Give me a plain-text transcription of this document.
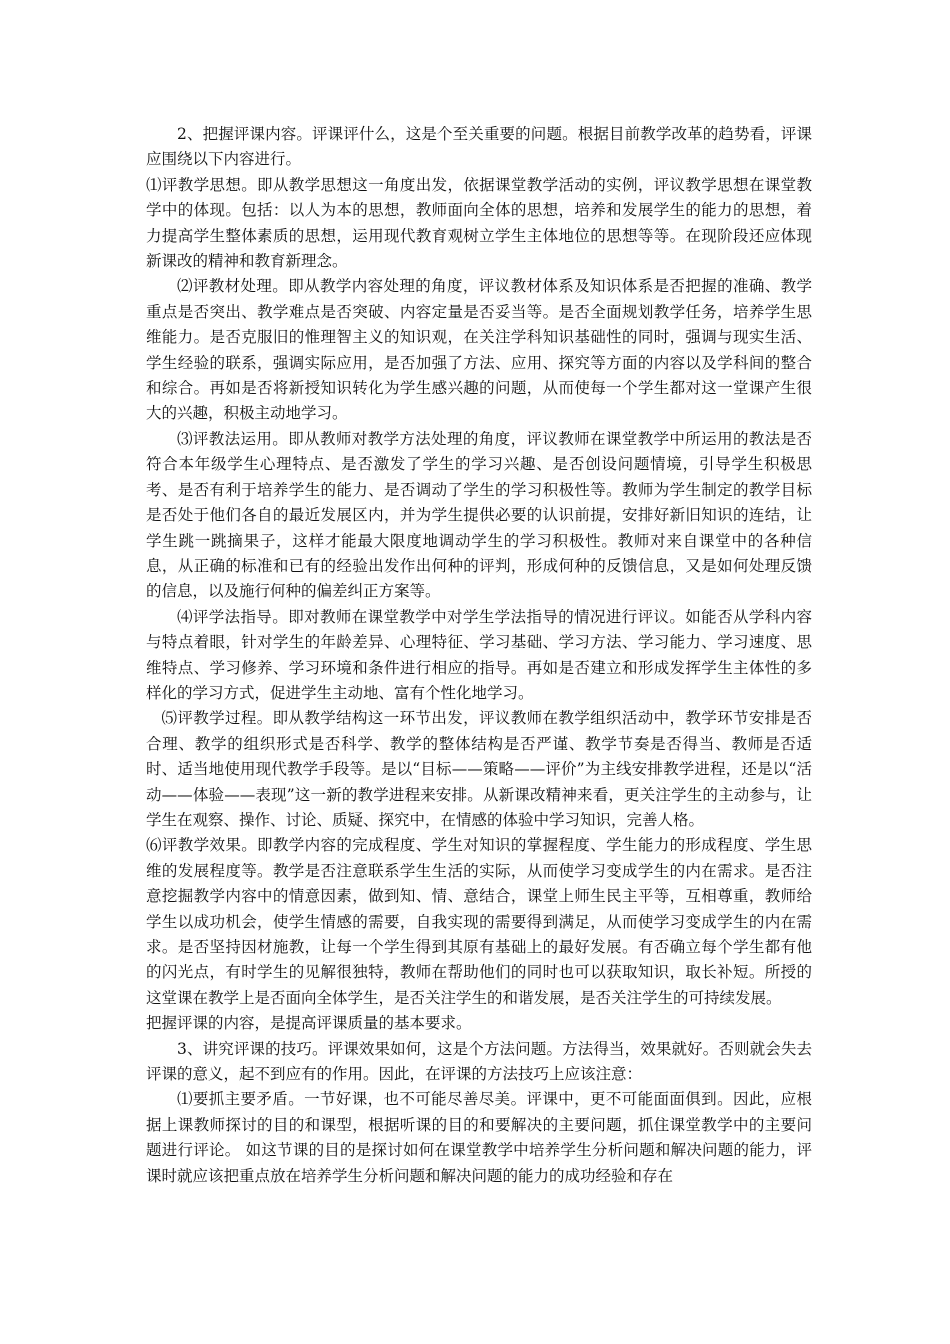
2、把握评课内容。评课评什么，这是个至关重要的问题。根据目前教学改革的趋势看，评课应围绕以下内容进行。

⑴评教学思想。即从教学思想这一角度出发，依据课堂教学活动的实例，评议教学思想在课堂教学中的体现。包括：以人为本的思想，教师面向全体的思想，培养和发展学生的能力的思想，着力提高学生整体素质的思想，运用现代教育观树立学生主体地位的思想等等。在现阶段还应体现新课改的精神和教育新理念。

⑵评教材处理。即从教学内容处理的角度，评议教材体系及知识体系是否把握的准确、教学重点是否突出、教学难点是否突破、内容定量是否妥当等。是否全面规划教学任务，培养学生思维能力。是否克服旧的惟理智主义的知识观，在关注学科知识基础性的同时，强调与现实生活、学生经验的联系，强调实际应用，是否加强了方法、应用、探究等方面的内容以及学科间的整合和综合。再如是否将新授知识转化为学生感兴趣的问题，从而使每一个学生都对这一堂课产生很大的兴趣，积极主动地学习。

⑶评教法运用。即从教师对教学方法处理的角度，评议教师在课堂教学中所运用的教法是否符合本年级学生心理特点、是否激发了学生的学习兴趣、是否创设问题情境，引导学生积极思考、是否有利于培养学生的能力、是否调动了学生的学习积极性等。教师为学生制定的教学目标是否处于他们各自的最近发展区内，并为学生提供必要的认识前提，安排好新旧知识的连结，让学生跳一跳摘果子，这样才能最大限度地调动学生的学习积极性。教师对来自课堂中的各种信息，从正确的标准和已有的经验出发作出何种的评判，形成何种的反馈信息，又是如何处理反馈的信息，以及施行何种的偏差纠正方案等。

⑷评学法指导。即对教师在课堂教学中对学生学法指导的情况进行评议。如能否从学科内容与特点着眼，针对学生的年龄差异、心理特征、学习基础、学习方法、学习能力、学习速度、思维特点、学习修养、学习环境和条件进行相应的指导。再如是否建立和形成发挥学生主体性的多样化的学习方式，促进学生主动地、富有个性化地学习。

⑸评教学过程。即从教学结构这一环节出发，评议教师在教学组织活动中，教学环节安排是否合理、教学的组织形式是否科学、教学的整体结构是否严谨、教学节奏是否得当、教师是否适时、适当地使用现代教学手段等。是以“目标——策略——评价”为主线安排教学进程，还是以“活动——体验——表现”这一新的教学进程来安排。从新课改精神来看，更关注学生的主动参与，让学生在观察、操作、讨论、质疑、探究中，在情感的体验中学习知识，完善人格。

⑹评教学效果。即教学内容的完成程度、学生对知识的掌握程度、学生能力的形成程度、学生思维的发展程度等。教学是否注意联系学生生活的实际，从而使学习变成学生的内在需求。是否注意挖掘教学内容中的情意因素，做到知、情、意结合，课堂上师生民主平等，互相尊重，教师给学生以成功机会，使学生情感的需要，自我实现的需要得到满足，从而使学习变成学生的内在需求。是否坚持因材施教，让每一个学生得到其原有基础上的最好发展。有否确立每个学生都有他的闪光点，有时学生的见解很独特，教师在帮助他们的同时也可以获取知识，取长补短。所授的这堂课在教学上是否面向全体学生，是否关注学生的和谐发展，是否关注学生的可持续发展。

把握评课的内容，是提高评课质量的基本要求。

3、讲究评课的技巧。评课效果如何，这是个方法问题。方法得当，效果就好。否则就会失去评课的意义，起不到应有的作用。因此，在评课的方法技巧上应该注意：

⑴要抓主要矛盾。一节好课，也不可能尽善尽美。评课中，更不可能面面俱到。因此，应根据上课教师探讨的目的和课型，根据听课的目的和要解决的主要问题，抓住课堂教学中的主要问题进行评论。 如这节课的目的是探讨如何在课堂教学中培养学生分析问题和解决问题的能力，评课时就应该把重点放在培养学生分析问题和解决问题的能力的成功经验和存在
